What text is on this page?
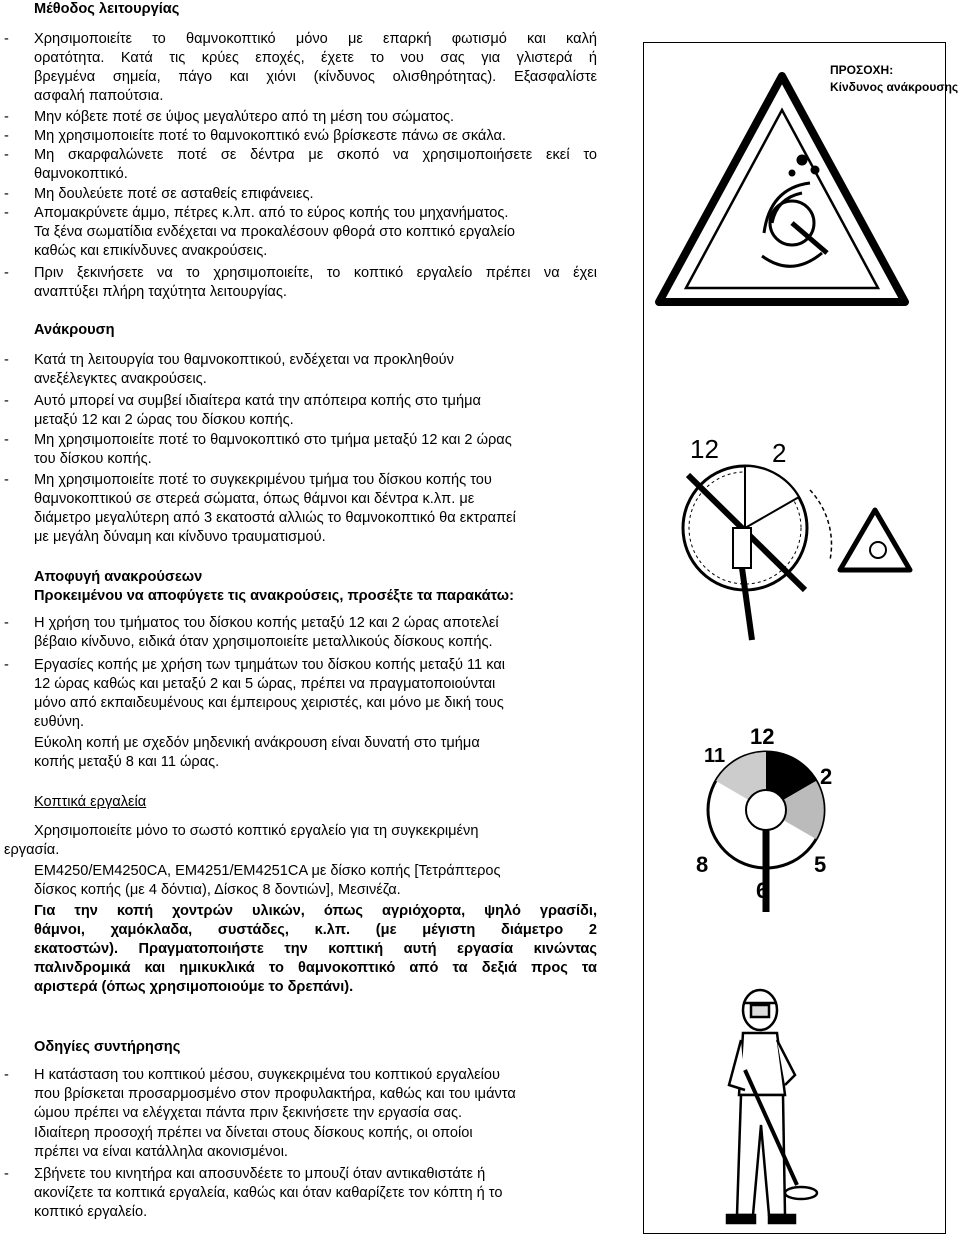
Μέθοδος λειτουργίας
- Χρησιμοποιείτε το θαμνοκοπτικό μόνο με επαρκή φωτισμό και καλή
ορατότητα. Κατά τις κρύες εποχές, έχετε το νου σας για γλιστερά ή
βρεγμένα σημεία, πάγο και χιόνι (κίνδυνος ολισθηρότητας). Εξασφαλίστε
ασφαλή παπούτσια.
- Μην κόβετε ποτέ σε ύψος μεγαλύτερο από τη μέση του σώματος.
- Μη χρησιμοποιείτε ποτέ το θαμνοκοπτικό ενώ βρίσκεστε πάνω σε σκάλα.
- Μη σκαρφαλώνετε ποτέ σε δέντρα με σκοπό να χρησιμοποιήσετε εκεί το
θαμνοκοπτικό.
- Μη δουλεύετε ποτέ σε ασταθείς επιφάνειες.
- Απομακρύνετε άμμο, πέτρες κ.λπ. από το εύρος κοπής του μηχανήματος.
Τα ξένα σωματίδια ενδέχεται να προκαλέσουν φθορά στο κοπτικό εργαλείο
καθώς και επικίνδυνες ανακρούσεις.
- Πριν ξεκινήσετε να το χρησιμοποιείτε, το κοπτικό εργαλείο πρέπει να έχει
αναπτύξει πλήρη ταχύτητα λειτουργίας.
Ανάκρουση
- Κατά τη λειτουργία του θαμνοκοπτικού, ενδέχεται να προκληθούν
ανεξέλεγκτες ανακρούσεις.
- Αυτό μπορεί να συμβεί ιδιαίτερα κατά την απόπειρα κοπής στο τμήμα
μεταξύ 12 και 2 ώρας του δίσκου κοπής.
- Μη χρησιμοποιείτε ποτέ το θαμνοκοπτικό στο τμήμα μεταξύ 12 και 2 ώρας
του δίσκου κοπής.
- Μη χρησιμοποιείτε ποτέ το συγκεκριμένου τμήμα του δίσκου κοπής του
θαμνοκοπτικού σε στερεά σώματα, όπως θάμνοι και δέντρα κ.λπ. με
διάμετρο μεγαλύτερη από 3 εκατοστά αλλιώς το θαμνοκοπτικό θα εκτραπεί
με μεγάλη δύναμη και κίνδυνο τραυματισμού.
Αποφυγή ανακρούσεων
Προκειμένου να αποφύγετε τις ανακρούσεις, προσέξτε τα παρακάτω:
- Η χρήση του τμήματος του δίσκου κοπής μεταξύ 12 και 2 ώρας αποτελεί
βέβαιο κίνδυνο, ειδικά όταν χρησιμοποιείτε μεταλλικούς δίσκους κοπής.
- Εργασίες κοπής με χρήση των τμημάτων του δίσκου κοπής μεταξύ 11 και
12 ώρας καθώς και μεταξύ 2 και 5 ώρας, πρέπει να πραγματοποιούνται
μόνο από εκπαιδευμένους και έμπειρους χειριστές, και μόνο με δική τους
ευθύνη.
Εύκολη κοπή με σχεδόν μηδενική ανάκρουση είναι δυνατή στο τμήμα
κοπής μεταξύ 8 και 11 ώρας.
Κοπτικά εργαλεία
Χρησιμοποιείτε μόνο το σωστό κοπτικό εργαλείο για τη συγκεκριμένη
εργασία.
EM4250/EM4250CA, EM4251/EM4251CA με δίσκο κοπής [Τετράπτερος
δίσκος κοπής (με 4 δόντια), Δίσκος 8 δοντιών], Μεσινέζα.
Για την κοπή χοντρών υλικών, όπως αγριόχορτα, ψηλό γρασίδι,
θάμνοι, χαμόκλαδα, συστάδες, κ.λπ. (με μέγιστη διάμετρο 2
εκατοστών). Πραγματοποιήστε την κοπτική αυτή εργασία κινώντας
παλινδρομικά και ημικυκλικά το θαμνοκοπτικό από τα δεξιά προς τα
αριστερά (όπως χρησιμοποιούμε το δρεπάνι).
Οδηγίες συντήρησης
- Η κατάσταση του κοπτικού μέσου, συγκεκριμένα του κοπτικού εργαλείου
που βρίσκεται προσαρμοσμένο στον προφυλακτήρα, καθώς και του ιμάντα
ώμου πρέπει να ελέγχεται πάντα πριν ξεκινήσετε την εργασία σας.
Ιδιαίτερη προσοχή πρέπει να δίνεται στους δίσκους κοπής, οι οποίοι
πρέπει να είναι κατάλληλα ακονισμένοι.
- Σβήνετε του κινητήρα και αποσυνδέετε το μπουζί όταν αντικαθιστάτε ή
ακονίζετε τα κοπτικά εργαλεία, καθώς και όταν καθαρίζετε τον κόπτη ή το
κοπτικό εργαλείο.
ΠΡΟΣΟΧΗ:
Κίνδυνος ανάκρουσης
12 2
12
11
2
5
6
8
